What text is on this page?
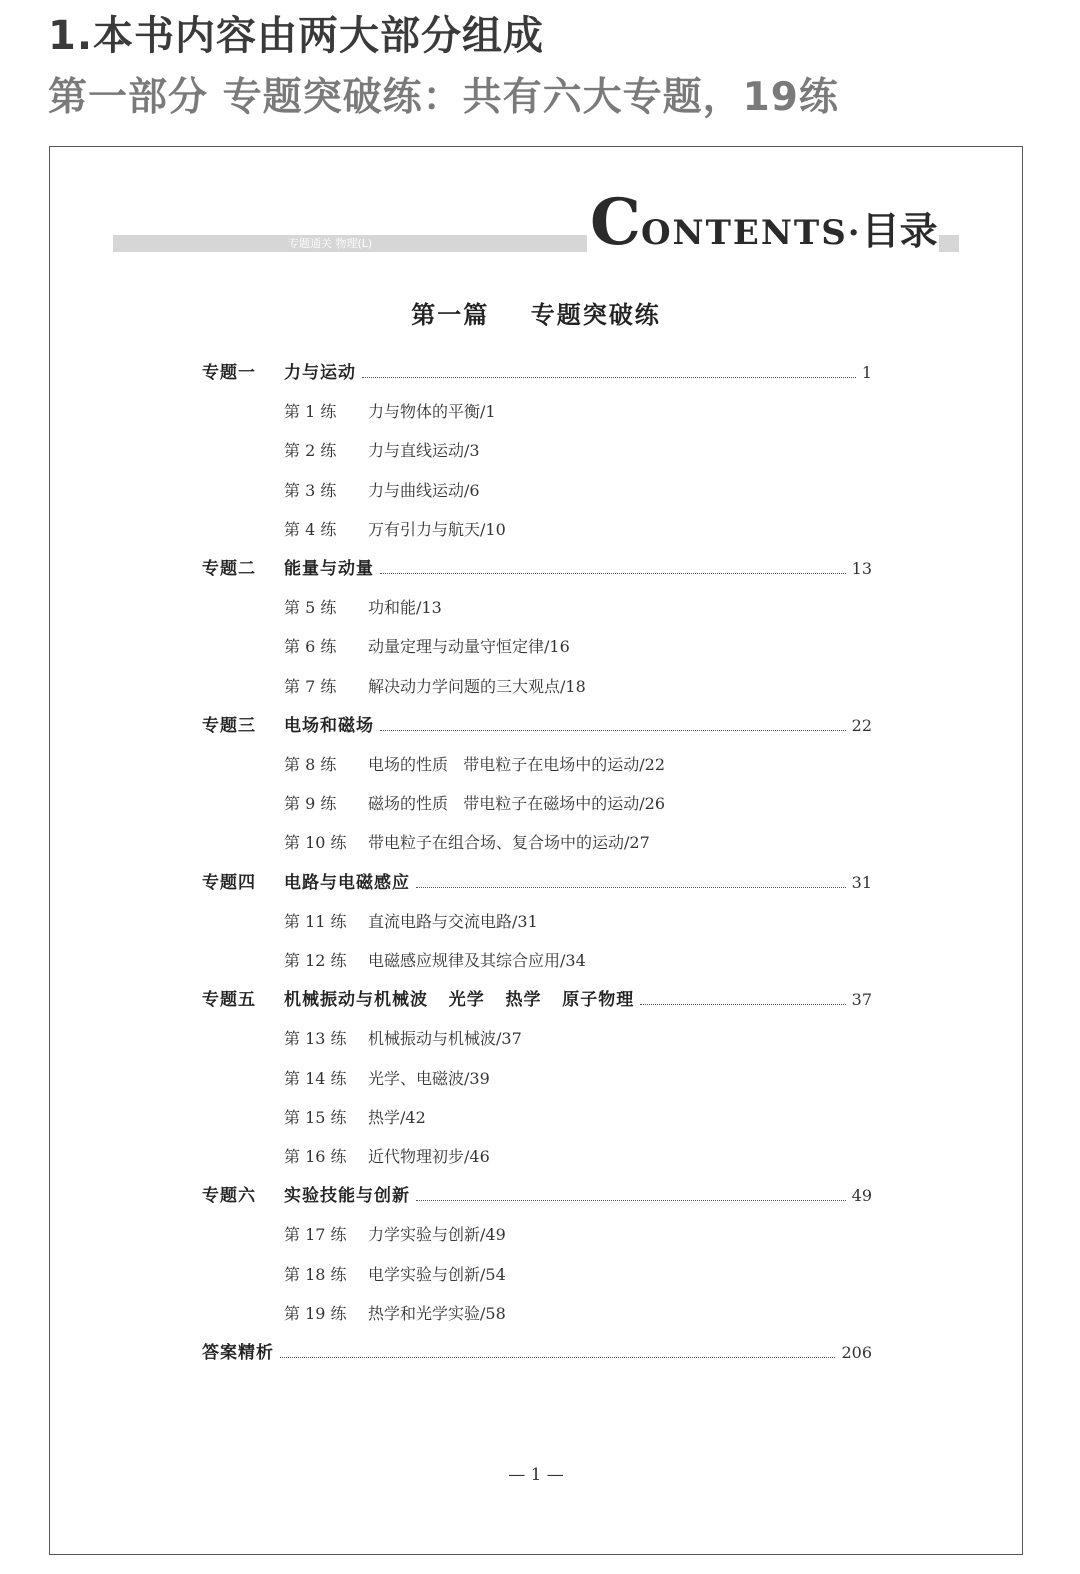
1.本书内容由两大部分组成
第一部分 专题突破练：共有六大专题，19练
专题通关 物理(L)	CONTENTS·目录
第一篇    专题突破练
专题一	力与运动	1
第 1 练	力与物体的平衡/1
第 2 练	力与直线运动/3
第 3 练	力与曲线运动/6
第 4 练	万有引力与航天/10
专题二	能量与动量	13
第 5 练	功和能/13
第 6 练	动量定理与动量守恒定律/16
第 7 练	解决动力学问题的三大观点/18
专题三	电场和磁场	22
第 8 练	电场的性质   带电粒子在电场中的运动/22
第 9 练	磁场的性质   带电粒子在磁场中的运动/26
第 10 练	带电粒子在组合场、复合场中的运动/27
专题四	电路与电磁感应	31
第 11 练	直流电路与交流电路/31
第 12 练	电磁感应规律及其综合应用/34
专题五	机械振动与机械波   光学   热学   原子物理	37
第 13 练	机械振动与机械波/37
第 14 练	光学、电磁波/39
第 15 练	热学/42
第 16 练	近代物理初步/46
专题六	实验技能与创新	49
第 17 练	力学实验与创新/49
第 18 练	电学实验与创新/54
第 19 练	热学和光学实验/58
答案精析	206
— 1 —
